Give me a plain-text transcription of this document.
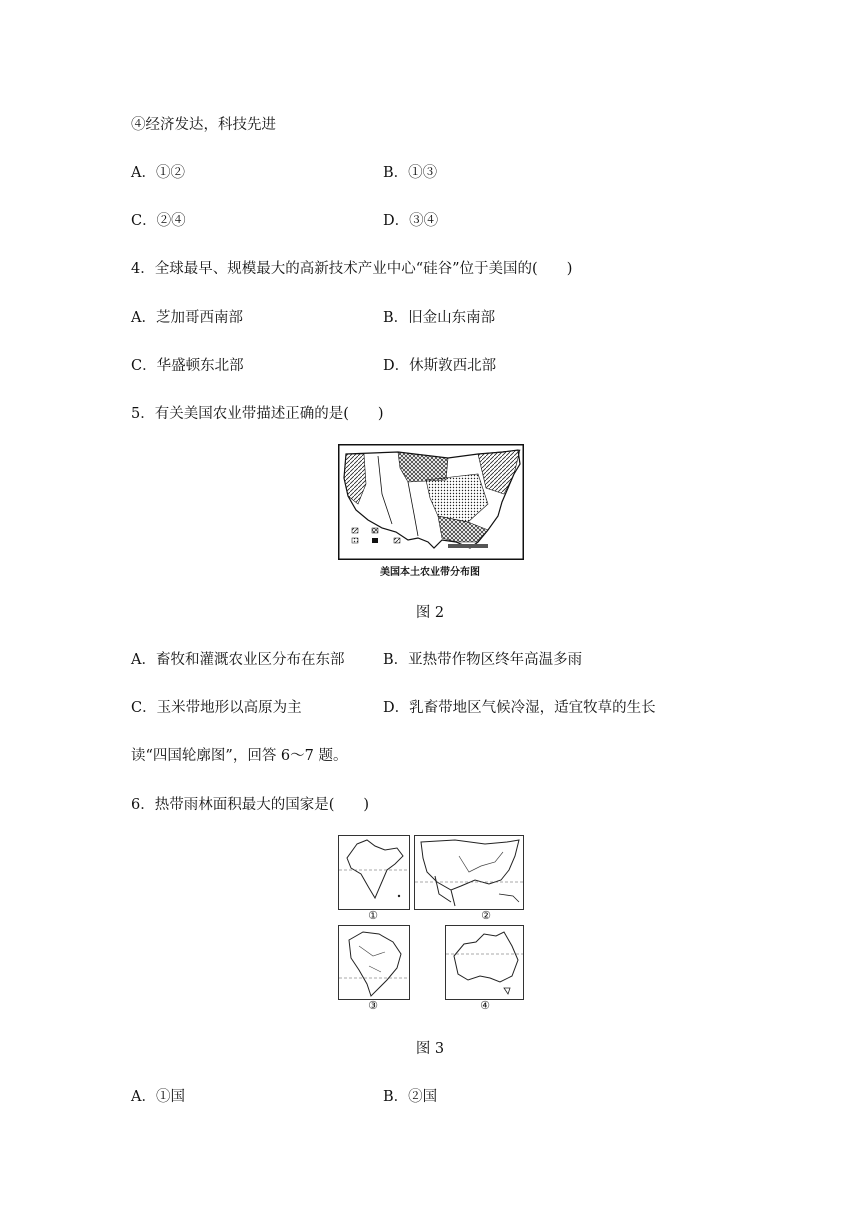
④经济发达，科技先进
A．①②	B．①③
C．②④	D．③④
4．全球最早、规模最大的高新技术产业中心“硅谷”位于美国的(　　)
A．芝加哥西南部	B．旧金山东南部
C．华盛顿东北部	D．休斯敦西北部
5．有关美国农业带描述正确的是(　　)
美国本土农业带分布图
图 2
A．畜牧和灌溉农业区分布在东部	B．亚热带作物区终年高温多雨
C．玉米带地形以高原为主	D．乳畜带地区气候冷湿，适宜牧草的生长
读“四国轮廓图”，回答 6～7 题。
6．热带雨林面积最大的国家是(　　)
①	②
③	④
图 3
A．①国	B．②国
